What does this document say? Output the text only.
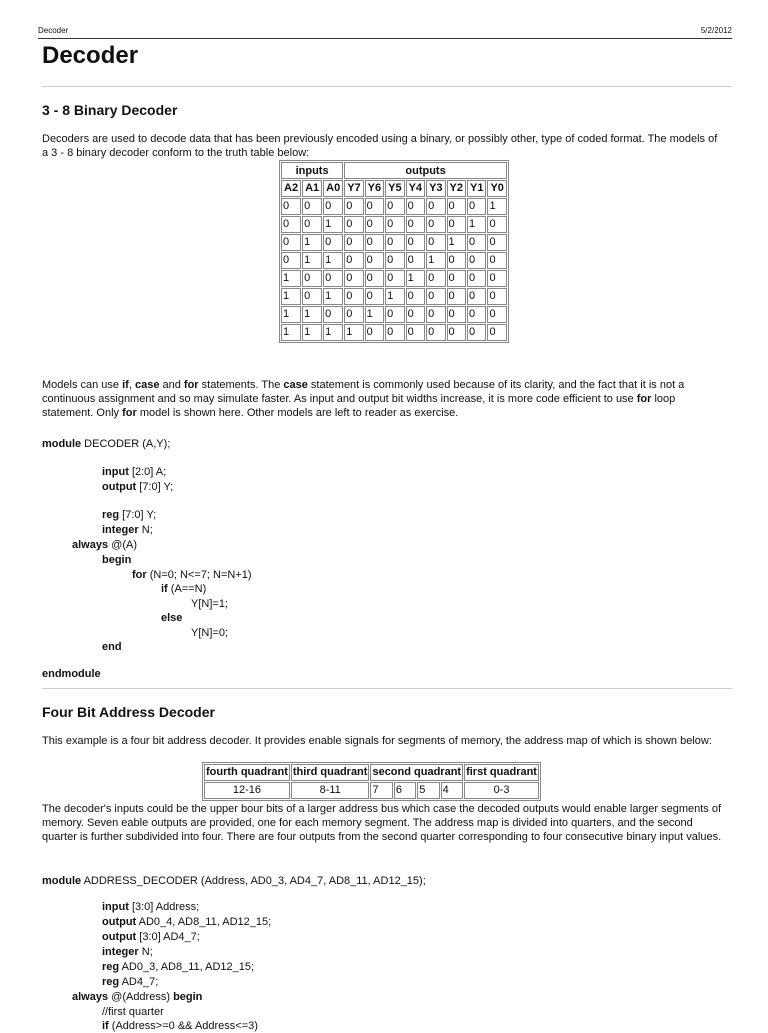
Decoder	5/2/2012
Decoder
3 - 8 Binary Decoder

Decoders are used to decode data that has been previously encoded using a binary, or possibly other, type of coded format. The models of a 3 - 8 binary decoder conform to the truth table below:

inputs			outputs							
A2	A1	A0	Y7	Y6	Y5	Y4	Y3	Y2	Y1	Y0
0	0	0	0	0	0	0	0	0	0	1
0	0	1	0	0	0	0	0	0	1	0
0	1	0	0	0	0	0	0	1	0	0
0	1	1	0	0	0	0	1	0	0	0
1	0	0	0	0	0	1	0	0	0	0
1	0	1	0	0	1	0	0	0	0	0
1	1	0	0	1	0	0	0	0	0	0
1	1	1	1	0	0	0	0	0	0	0

Models can use if, case and for statements. The case statement is commonly used because of its clarity, and the fact that it is not a continuous assignment and so may simulate faster. As input and output bit widths increase, it is more code efficient to use for loop statement. Only for model is shown here. Other models are left to reader as exercise.

module DECODER (A,Y);

input [2:0] A;

output [7:0] Y;

reg [7:0] Y;

integer N;

always @(A)

begin

for (N=0; N<=7; N=N+1)

if (A==N)

Y[N]=1;

else

Y[N]=0;

end

endmodule

Four Bit Address Decoder

This example is a four bit address decoder. It provides enable signals for segments of memory, the address map of which is shown below:

fourth quadrant	third quadrant	second quadrant				first quadrant
12-16	8-11	7	6	5	4	0-3

The decoder's inputs could be the upper bour bits of a larger address bus which case the decoded outputs would enable larger segments of memory. Seven eable outputs are provided, one for each memory segment. The address map is divided into quarters, and the second quarter is further subdivided into four. There are four outputs from the second quarter corresponding to four consecutive binary input values.

module ADDRESS_DECODER (Address, AD0_3, AD4_7, AD8_11, AD12_15);

input [3:0] Address;

output AD0_4, AD8_11, AD12_15;

output [3:0] AD4_7;

integer N;

reg AD0_3, AD8_11, AD12_15;

reg AD4_7;

always @(Address) begin

//first quarter

if (Address>=0 && Address<=3)
